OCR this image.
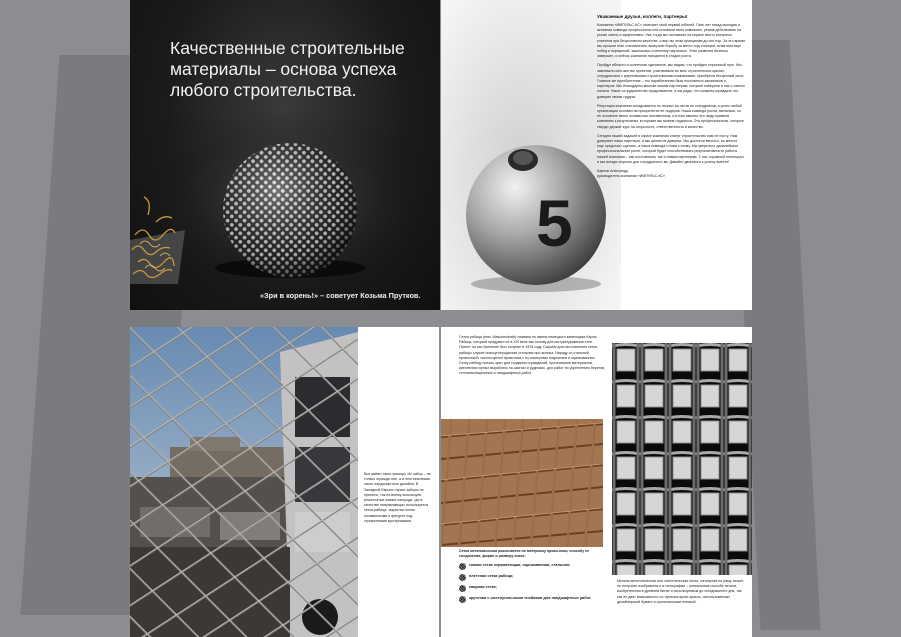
Качественные строительные материалы – основа успеха любого строительства.
«Зри в корень!» – советует Козьма Прутков.
5
Уважаемые друзья, коллеги, партнеры!

Компания «ИМПУЛЬС-КС» отмечает свой первый юбилей. Пять лет назад молодая и активная команда профессиона-лов основала свою компанию, решив действовать на рынке смело и эффективно. Уже тогда мы поставили на первое место интересы клиентов при безусловном качестве, и вер-ны этим принципам до сих пор. За это время мы прошли этап становления, выиграли борьбу за место под солнцем, испытали вкус побед и поражений, закалились и многому научились. Этап развития бизнеса завершен, и сейчас компания находится в стадии роста.

Пройдут области и солнечная сделанное, мы видим, что пройден серьезный путь. Мы завоевали мно-жество проектов, участвовали во всех строительных циклах, сотрудничали с крупнейшими строительными компаниями, приобрели бесценный опыт. Главное же приобретение – это наработанная база постоянных заказчиков и партнеров. Мы благодарны многим нашим партнерам, которые поверили в нас с самого начала. Наше сотрудничество продолжается, и мы рады, что сможем оправдать это доверие своим трудом.

Репутация компании складывается из личных ка-честв ее сотрудников, а успех любой организации основан на приоритетах ее лидеров. Наша команда росла, менялась, но ее основное звено оставалось неизменным, и в нем именно эти люди привели компанию к результатам, которыми мы можем гордиться. Это профессионалы, которые твердо держат курс на открытость, ответственность и качество.

Сегодня нашей задачей в офисе компании станут строительство нам не посту. Нам доверяют наши партнеры, и мы ценим их доверие. Мы достигли многого, но многое еще предстоит сделать, и наша команда готова к этому. Мы уверены в дальнейшем профессиональном росте, который будет способствовать результативности работы нашей компании – как постоянным, так и новым партнерам. У нас огромный потенциал, и мы всегда открыты для сотрудничест-ва. Давайте двигаться к успеху вместе!

Карпов Александр,
руководитель компании «ИМПУЛЬС-КС»

Все имеют свои границы. Их забор – не только огражде-ние, а и неотъемлемая часть ландшафтного дизайна. В Западной Европе глухие заборы не приняты; так по-всему используют решетчатые живые изгороди, где в качестве направляющих используется сетка-рабица, закрытая потом посаженными и фигурно под-стриженными кустарниками.

Сетка рабица (нем. Maschendraht) названа по имени немецкого каменщика Карла Рабица, который придумал ее в XIX веке как основу для оштукатуривания стен. Патент на изо-бретение был получен в 1878 году. Сырьём для изготовления сетки-рабицы служит низкоуглеродистая стальная про-волока. Наряду со стальной проволокой, используется проволока с по-лимерным покрытием и оцинкованная. Сетку рабицу исполь-зуют для создания ограждений, просеивания материалов, крепления горных выработок на шахтах и рудниках, для работ по укреплению берегов, теплоизоляционных и ландшафтных работ.

Сетка металлическая различается по материалу прово-локи, способу ее соединения, форме и размеру ячеек:

тканая сетка нержавеющая, оцинкованная, стальная;
плетеная сетка рабица;
сварная сетка;
крученая с шестиугольными ячейками для ландшафтных работ.

Мелкая металлическая или синтетическая сетка, натянутая на раму, может не получить изображени-е в литографии – уникальном способе печати, изобретенном в древнем Китае и используемым до сегодняшнего дня, так как не дает возможность по-лучения ярких красок, использованных дизайнерской бумаге и оригинальным пленкой.
